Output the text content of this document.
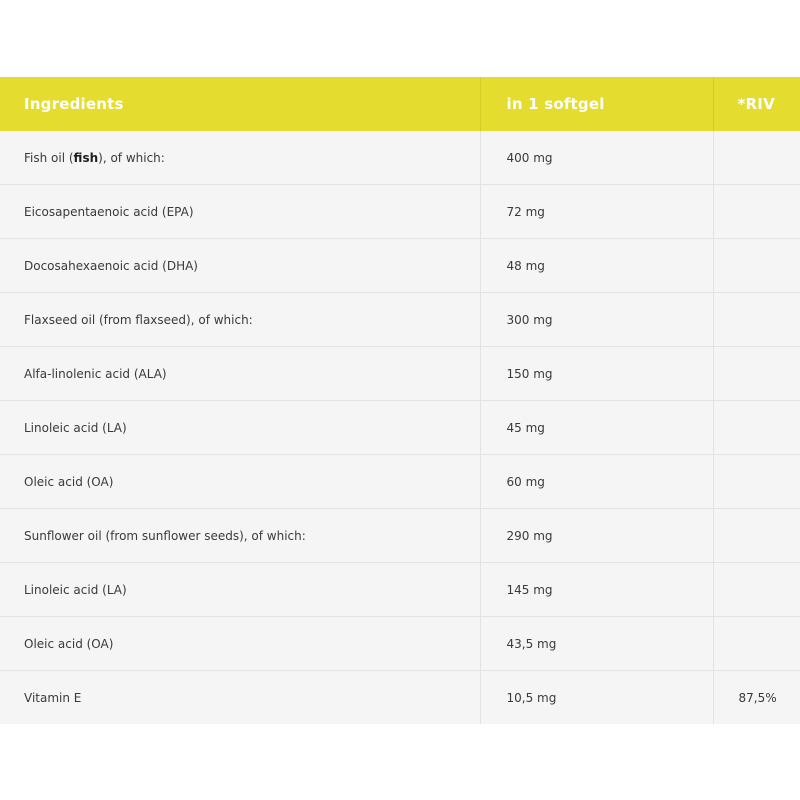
Ingredients	in 1 softgel	*RIV
Fish oil (fish), of which:	400 mg	
Eicosapentaenoic acid (EPA)	72 mg	
Docosahexaenoic acid (DHA)	48 mg	
Flaxseed oil (from flaxseed), of which:	300 mg	
Alfa-linolenic acid (ALA)	150 mg	
Linoleic acid (LA)	45 mg	
Oleic acid (OA)	60 mg	
Sunflower oil (from sunflower seeds), of which:	290 mg	
Linoleic acid (LA)	145 mg	
Oleic acid (OA)	43,5 mg	
Vitamin E	10,5 mg	87,5%
